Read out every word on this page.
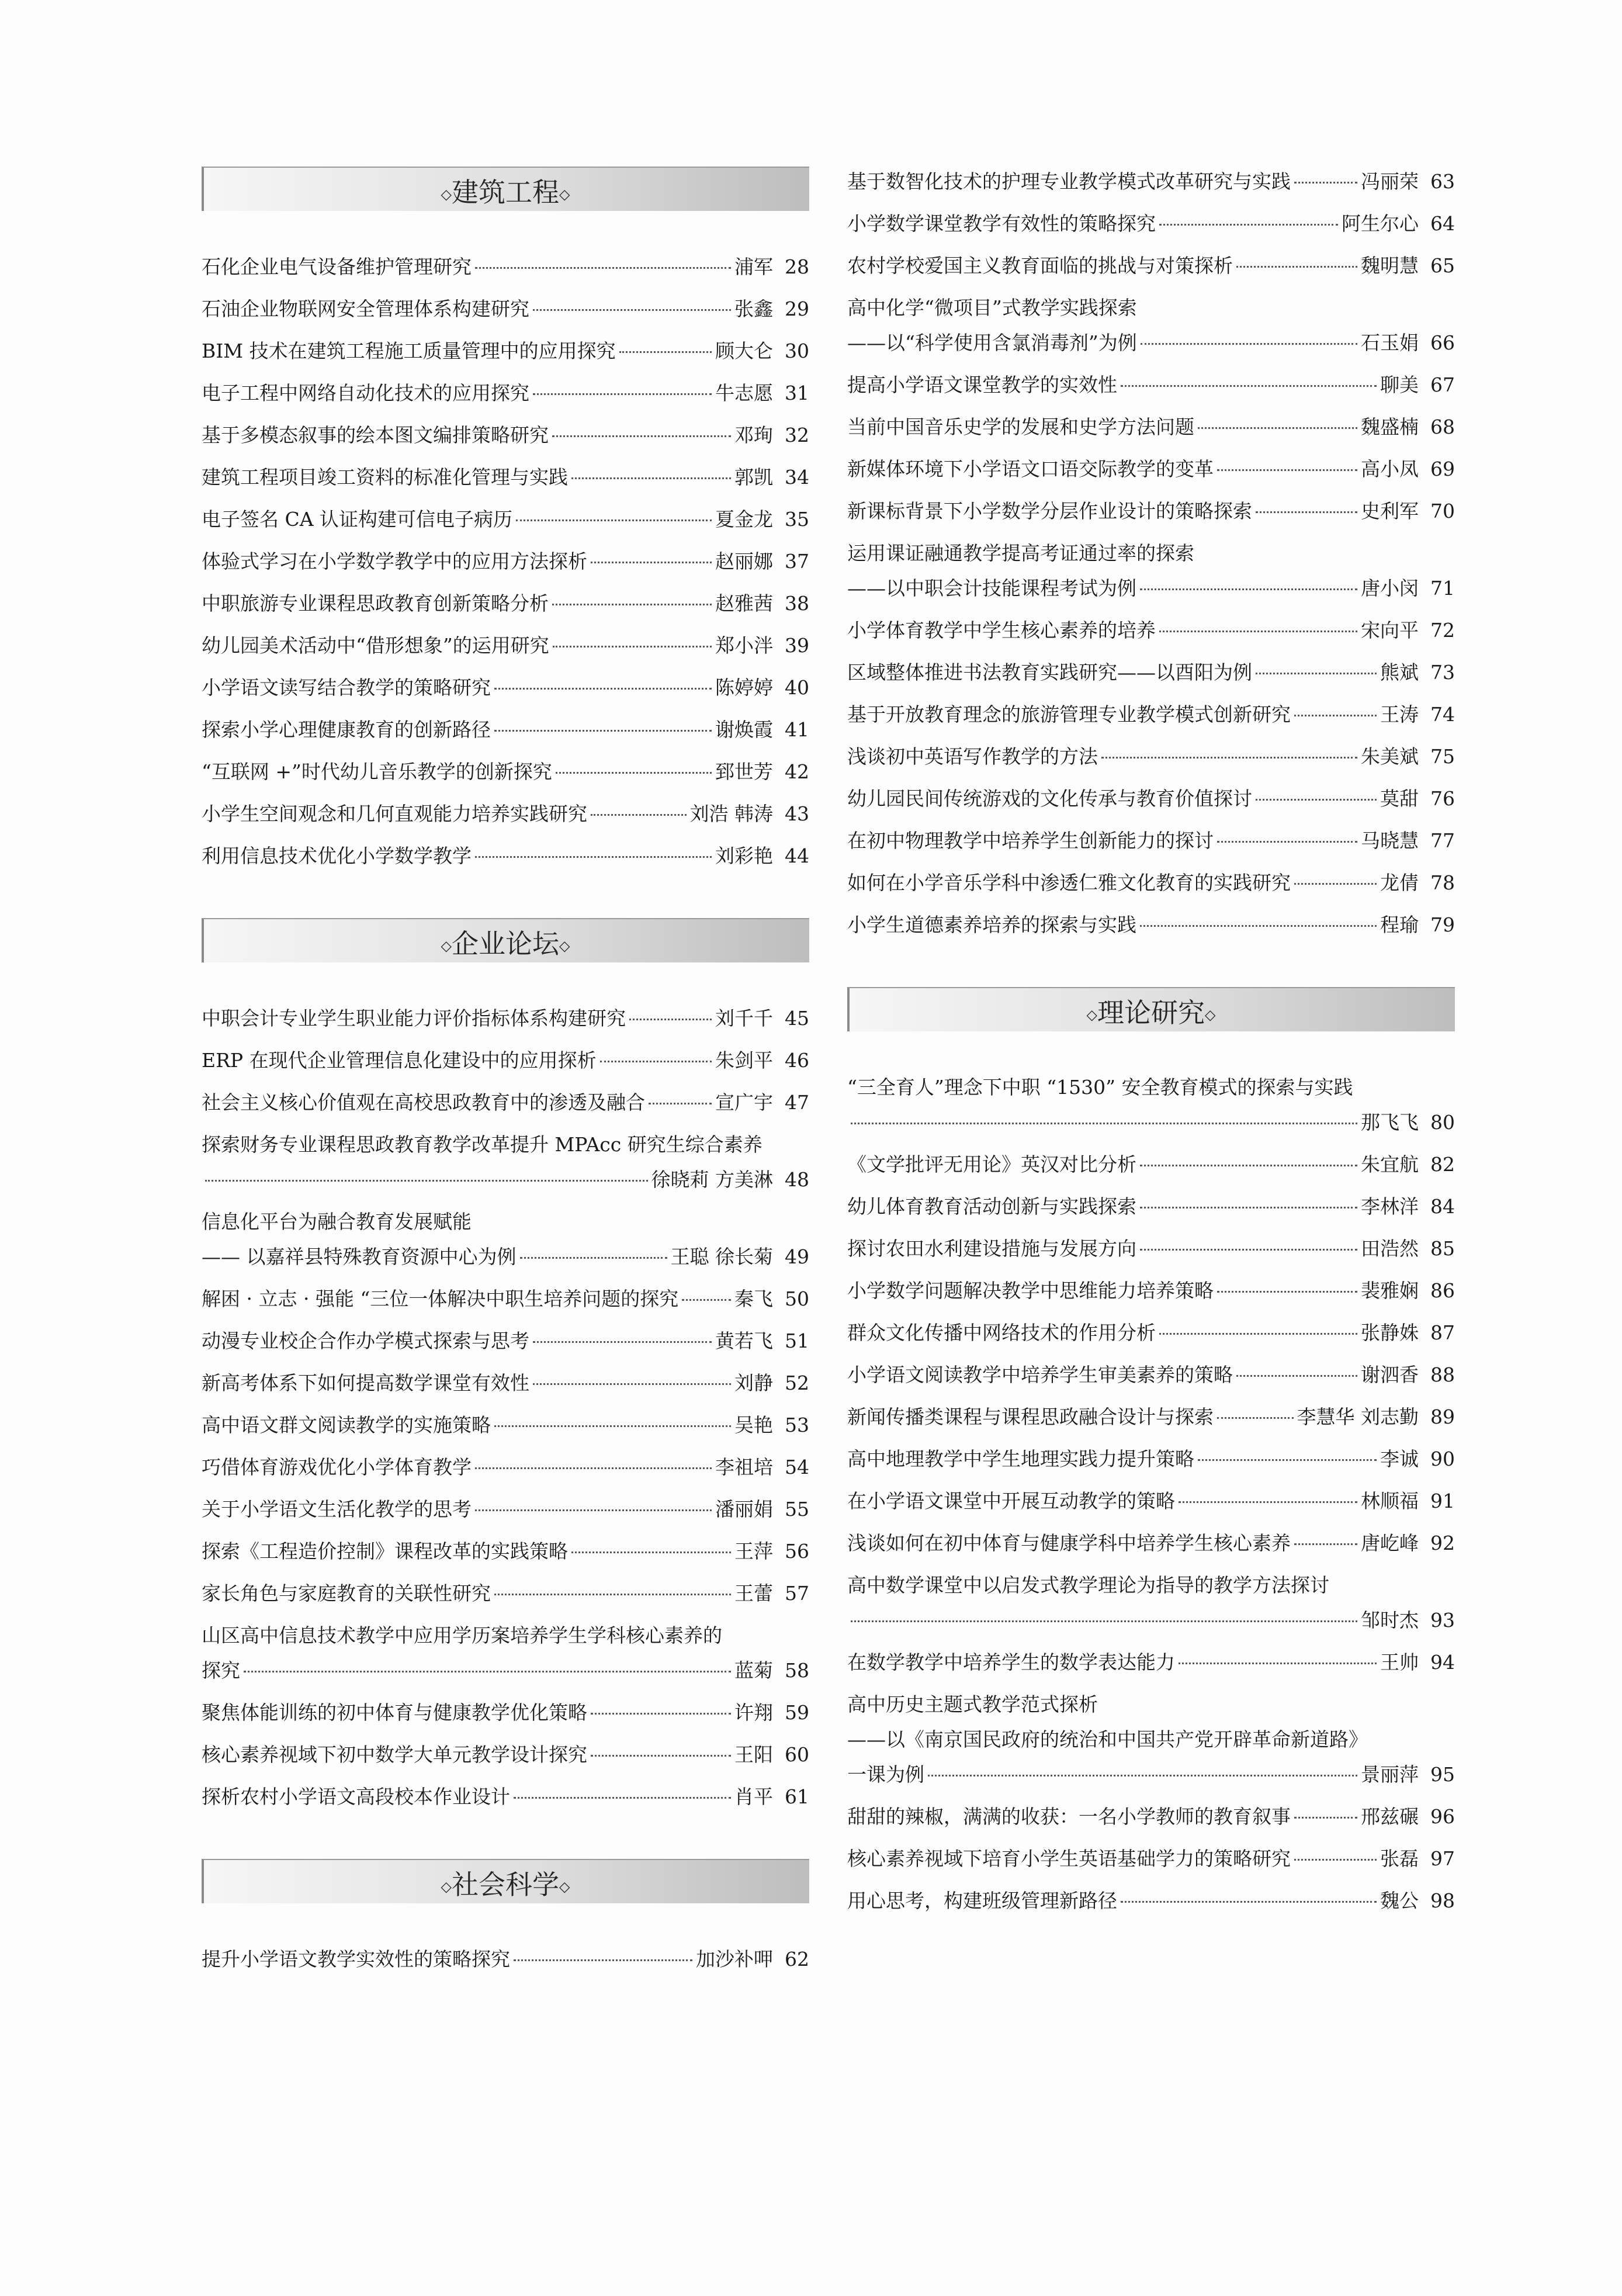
◇建筑工程◇
石化企业电气设备维护管理研究	浦军 28
石油企业物联网安全管理体系构建研究	张鑫 29
BIM 技术在建筑工程施工质量管理中的应用探究	顾大仑 30
电子工程中网络自动化技术的应用探究	牛志愿 31
基于多模态叙事的绘本图文编排策略研究	邓珣 32
建筑工程项目竣工资料的标准化管理与实践	郭凯 34
电子签名 CA 认证构建可信电子病历	夏金龙 35
体验式学习在小学数学教学中的应用方法探析	赵丽娜 37
中职旅游专业课程思政教育创新策略分析	赵雅茜 38
幼儿园美术活动中“借形想象”的运用研究	郑小泮 39
小学语文读写结合教学的策略研究	陈婷婷 40
探索小学心理健康教育的创新路径	谢焕霞 41
“互联网 +”时代幼儿音乐教学的创新探究	郅世芳 42
小学生空间观念和几何直观能力培养实践研究	刘浩 韩涛 43
利用信息技术优化小学数学教学	刘彩艳 44
◇企业论坛◇
中职会计专业学生职业能力评价指标体系构建研究	刘千千 45
ERP 在现代企业管理信息化建设中的应用探析	朱剑平 46
社会主义核心价值观在高校思政教育中的渗透及融合	宣广宇 47
探索财务专业课程思政教育教学改革提升 MPAcc 研究生综合素养
徐晓莉 方美淋 48
信息化平台为融合教育发展赋能
—— 以嘉祥县特殊教育资源中心为例	王聪 徐长菊 49
解困 · 立志 · 强能 “三位一体解决中职生培养问题的探究	秦飞 50
动漫专业校企合作办学模式探索与思考	黄若飞 51
新高考体系下如何提高数学课堂有效性	刘静 52
高中语文群文阅读教学的实施策略	吴艳 53
巧借体育游戏优化小学体育教学	李祖培 54
关于小学语文生活化教学的思考	潘丽娟 55
探索《工程造价控制》课程改革的实践策略	王萍 56
家长角色与家庭教育的关联性研究	王蕾 57
山区高中信息技术教学中应用学历案培养学生学科核心素养的
探究	蓝菊 58
聚焦体能训练的初中体育与健康教学优化策略	许翔 59
核心素养视域下初中数学大单元教学设计探究	王阳 60
探析农村小学语文高段校本作业设计	肖平 61
◇社会科学◇
提升小学语文教学实效性的策略探究	加沙补呷 62
基于数智化技术的护理专业教学模式改革研究与实践	冯丽荣 63
小学数学课堂教学有效性的策略探究	阿生尔心 64
农村学校爱国主义教育面临的挑战与对策探析	魏明慧 65
高中化学“微项目”式教学实践探索
——以“科学使用含氯消毒剂”为例	石玉娟 66
提高小学语文课堂教学的实效性	聊美 67
当前中国音乐史学的发展和史学方法问题	魏盛楠 68
新媒体环境下小学语文口语交际教学的变革	高小凤 69
新课标背景下小学数学分层作业设计的策略探索	史利军 70
运用课证融通教学提高考证通过率的探索
——以中职会计技能课程考试为例	唐小闵 71
小学体育教学中学生核心素养的培养	宋向平 72
区域整体推进书法教育实践研究——以酉阳为例	熊斌 73
基于开放教育理念的旅游管理专业教学模式创新研究	王涛 74
浅谈初中英语写作教学的方法	朱美斌 75
幼儿园民间传统游戏的文化传承与教育价值探讨	莫甜 76
在初中物理教学中培养学生创新能力的探讨	马晓慧 77
如何在小学音乐学科中渗透仁雅文化教育的实践研究	龙倩 78
小学生道德素养培养的探索与实践	程瑜 79
◇理论研究◇
“三全育人”理念下中职 “1530” 安全教育模式的探索与实践
那飞飞 80
《文学批评无用论》英汉对比分析	朱宜航 82
幼儿体育教育活动创新与实践探索	李林洋 84
探讨农田水利建设措施与发展方向	田浩然 85
小学数学问题解决教学中思维能力培养策略	裴雅娴 86
群众文化传播中网络技术的作用分析	张静姝 87
小学语文阅读教学中培养学生审美素养的策略	谢泗香 88
新闻传播类课程与课程思政融合设计与探索	李慧华 刘志勤 89
高中地理教学中学生地理实践力提升策略	李诚 90
在小学语文课堂中开展互动教学的策略	林顺福 91
浅谈如何在初中体育与健康学科中培养学生核心素养	唐屹峰 92
高中数学课堂中以启发式教学理论为指导的教学方法探讨
邹时杰 93
在数学教学中培养学生的数学表达能力	王帅 94
高中历史主题式教学范式探析
——以《南京国民政府的统治和中国共产党开辟革命新道路》
一课为例	景丽萍 95
甜甜的辣椒，满满的收获：一名小学教师的教育叙事	邢兹碾 96
核心素养视域下培育小学生英语基础学力的策略研究	张磊 97
用心思考，构建班级管理新路径	魏公 98
